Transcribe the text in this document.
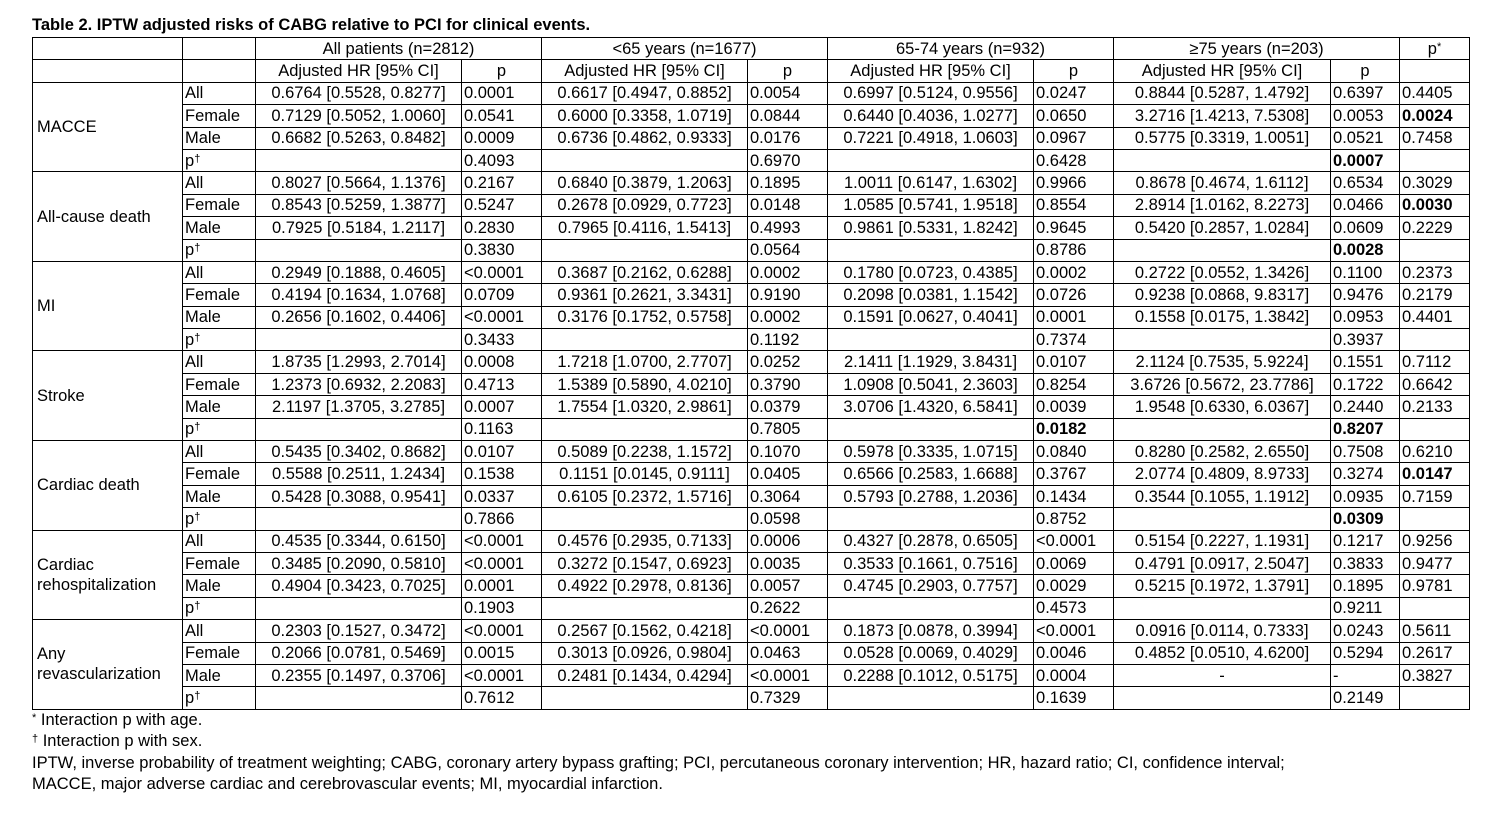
Table 2. IPTW adjusted risks of CABG relative to PCI for clinical events.
		All patients (n=2812)		<65 years (n=1677)		65-74 years (n=932)		≥75 years (n=203)		p*
		Adjusted HR [95% CI]	p	Adjusted HR [95% CI]	p	Adjusted HR [95% CI]	p	Adjusted HR [95% CI]	p	

MACCE	All	0.6764 [0.5528, 0.8277]	0.0001	0.6617 [0.4947, 0.8852]	0.0054	0.6997 [0.5124, 0.9556]	0.0247	0.8844 [0.5287, 1.4792]	0.6397	0.4405
	Female	0.7129 [0.5052, 1.0060]	0.0541	0.6000 [0.3358, 1.0719]	0.0844	0.6440 [0.4036, 1.0277]	0.0650	3.2716 [1.4213, 7.5308]	0.0053	0.0024
	Male	0.6682 [0.5263, 0.8482]	0.0009	0.6736 [0.4862, 0.9333]	0.0176	0.7221 [0.4918, 1.0603]	0.0967	0.5775 [0.3319, 1.0051]	0.0521	0.7458
	p†		0.4093		0.6970		0.6428		0.0007	

All-cause death	All	0.8027 [0.5664, 1.1376]	0.2167	0.6840 [0.3879, 1.2063]	0.1895	1.0011 [0.6147, 1.6302]	0.9966	0.8678 [0.4674, 1.6112]	0.6534	0.3029
	Female	0.8543 [0.5259, 1.3877]	0.5247	0.2678 [0.0929, 0.7723]	0.0148	1.0585 [0.5741, 1.9518]	0.8554	2.8914 [1.0162, 8.2273]	0.0466	0.0030
	Male	0.7925 [0.5184, 1.2117]	0.2830	0.7965 [0.4116, 1.5413]	0.4993	0.9861 [0.5331, 1.8242]	0.9645	0.5420 [0.2857, 1.0284]	0.0609	0.2229
	p†		0.3830		0.0564		0.8786		0.0028	

MI	All	0.2949 [0.1888, 0.4605]	<0.0001	0.3687 [0.2162, 0.6288]	0.0002	0.1780 [0.0723, 0.4385]	0.0002	0.2722 [0.0552, 1.3426]	0.1100	0.2373
	Female	0.4194 [0.1634, 1.0768]	0.0709	0.9361 [0.2621, 3.3431]	0.9190	0.2098 [0.0381, 1.1542]	0.0726	0.9238 [0.0868, 9.8317]	0.9476	0.2179
	Male	0.2656 [0.1602, 0.4406]	<0.0001	0.3176 [0.1752, 0.5758]	0.0002	0.1591 [0.0627, 0.4041]	0.0001	0.1558 [0.0175, 1.3842]	0.0953	0.4401
	p†		0.3433		0.1192		0.7374		0.3937	

Stroke	All	1.8735 [1.2993, 2.7014]	0.0008	1.7218 [1.0700, 2.7707]	0.0252	2.1411 [1.1929, 3.8431]	0.0107	2.1124 [0.7535, 5.9224]	0.1551	0.7112
	Female	1.2373 [0.6932, 2.2083]	0.4713	1.5389 [0.5890, 4.0210]	0.3790	1.0908 [0.5041, 2.3603]	0.8254	3.6726 [0.5672, 23.7786]	0.1722	0.6642
	Male	2.1197 [1.3705, 3.2785]	0.0007	1.7554 [1.0320, 2.9861]	0.0379	3.0706 [1.4320, 6.5841]	0.0039	1.9548 [0.6330, 6.0367]	0.2440	0.2133
	p†		0.1163		0.7805		0.0182		0.8207	

Cardiac death	All	0.5435 [0.3402, 0.8682]	0.0107	0.5089 [0.2238, 1.1572]	0.1070	0.5978 [0.3335, 1.0715]	0.0840	0.8280 [0.2582, 2.6550]	0.7508	0.6210
	Female	0.5588 [0.2511, 1.2434]	0.1538	0.1151 [0.0145, 0.9111]	0.0405	0.6566 [0.2583, 1.6688]	0.3767	2.0774 [0.4809, 8.9733]	0.3274	0.0147
	Male	0.5428 [0.3088, 0.9541]	0.0337	0.6105 [0.2372, 1.5716]	0.3064	0.5793 [0.2788, 1.2036]	0.1434	0.3544 [0.1055, 1.1912]	0.0935	0.7159
	p†		0.7866		0.0598		0.8752		0.0309	

Cardiac
rehospitalization	All	0.4535 [0.3344, 0.6150]	<0.0001	0.4576 [0.2935, 0.7133]	0.0006	0.4327 [0.2878, 0.6505]	<0.0001	0.5154 [0.2227, 1.1931]	0.1217	0.9256
	Female	0.3485 [0.2090, 0.5810]	<0.0001	0.3272 [0.1547, 0.6923]	0.0035	0.3533 [0.1661, 0.7516]	0.0069	0.4791 [0.0917, 2.5047]	0.3833	0.9477
	Male	0.4904 [0.3423, 0.7025]	0.0001	0.4922 [0.2978, 0.8136]	0.0057	0.4745 [0.2903, 0.7757]	0.0029	0.5215 [0.1972, 1.3791]	0.1895	0.9781
	p†		0.1903		0.2622		0.4573		0.9211	

Any
revascularization	All	0.2303 [0.1527, 0.3472]	<0.0001	0.2567 [0.1562, 0.4218]	<0.0001	0.1873 [0.0878, 0.3994]	<0.0001	0.0916 [0.0114, 0.7333]	0.0243	0.5611
	Female	0.2066 [0.0781, 0.5469]	0.0015	0.3013 [0.0926, 0.9804]	0.0463	0.0528 [0.0069, 0.4029]	0.0046	0.4852 [0.0510, 4.6200]	0.5294	0.2617
	Male	0.2355 [0.1497, 0.3706]	<0.0001	0.2481 [0.1434, 0.4294]	<0.0001	0.2288 [0.1012, 0.5175]	0.0004	-	-	0.3827
	p†		0.7612		0.7329		0.1639		0.2149	
* Interaction p with age.
† Interaction p with sex.
IPTW, inverse probability of treatment weighting; CABG, coronary artery bypass grafting; PCI, percutaneous coronary intervention; HR, hazard ratio; CI, confidence interval;
MACCE, major adverse cardiac and cerebrovascular events; MI, myocardial infarction.
